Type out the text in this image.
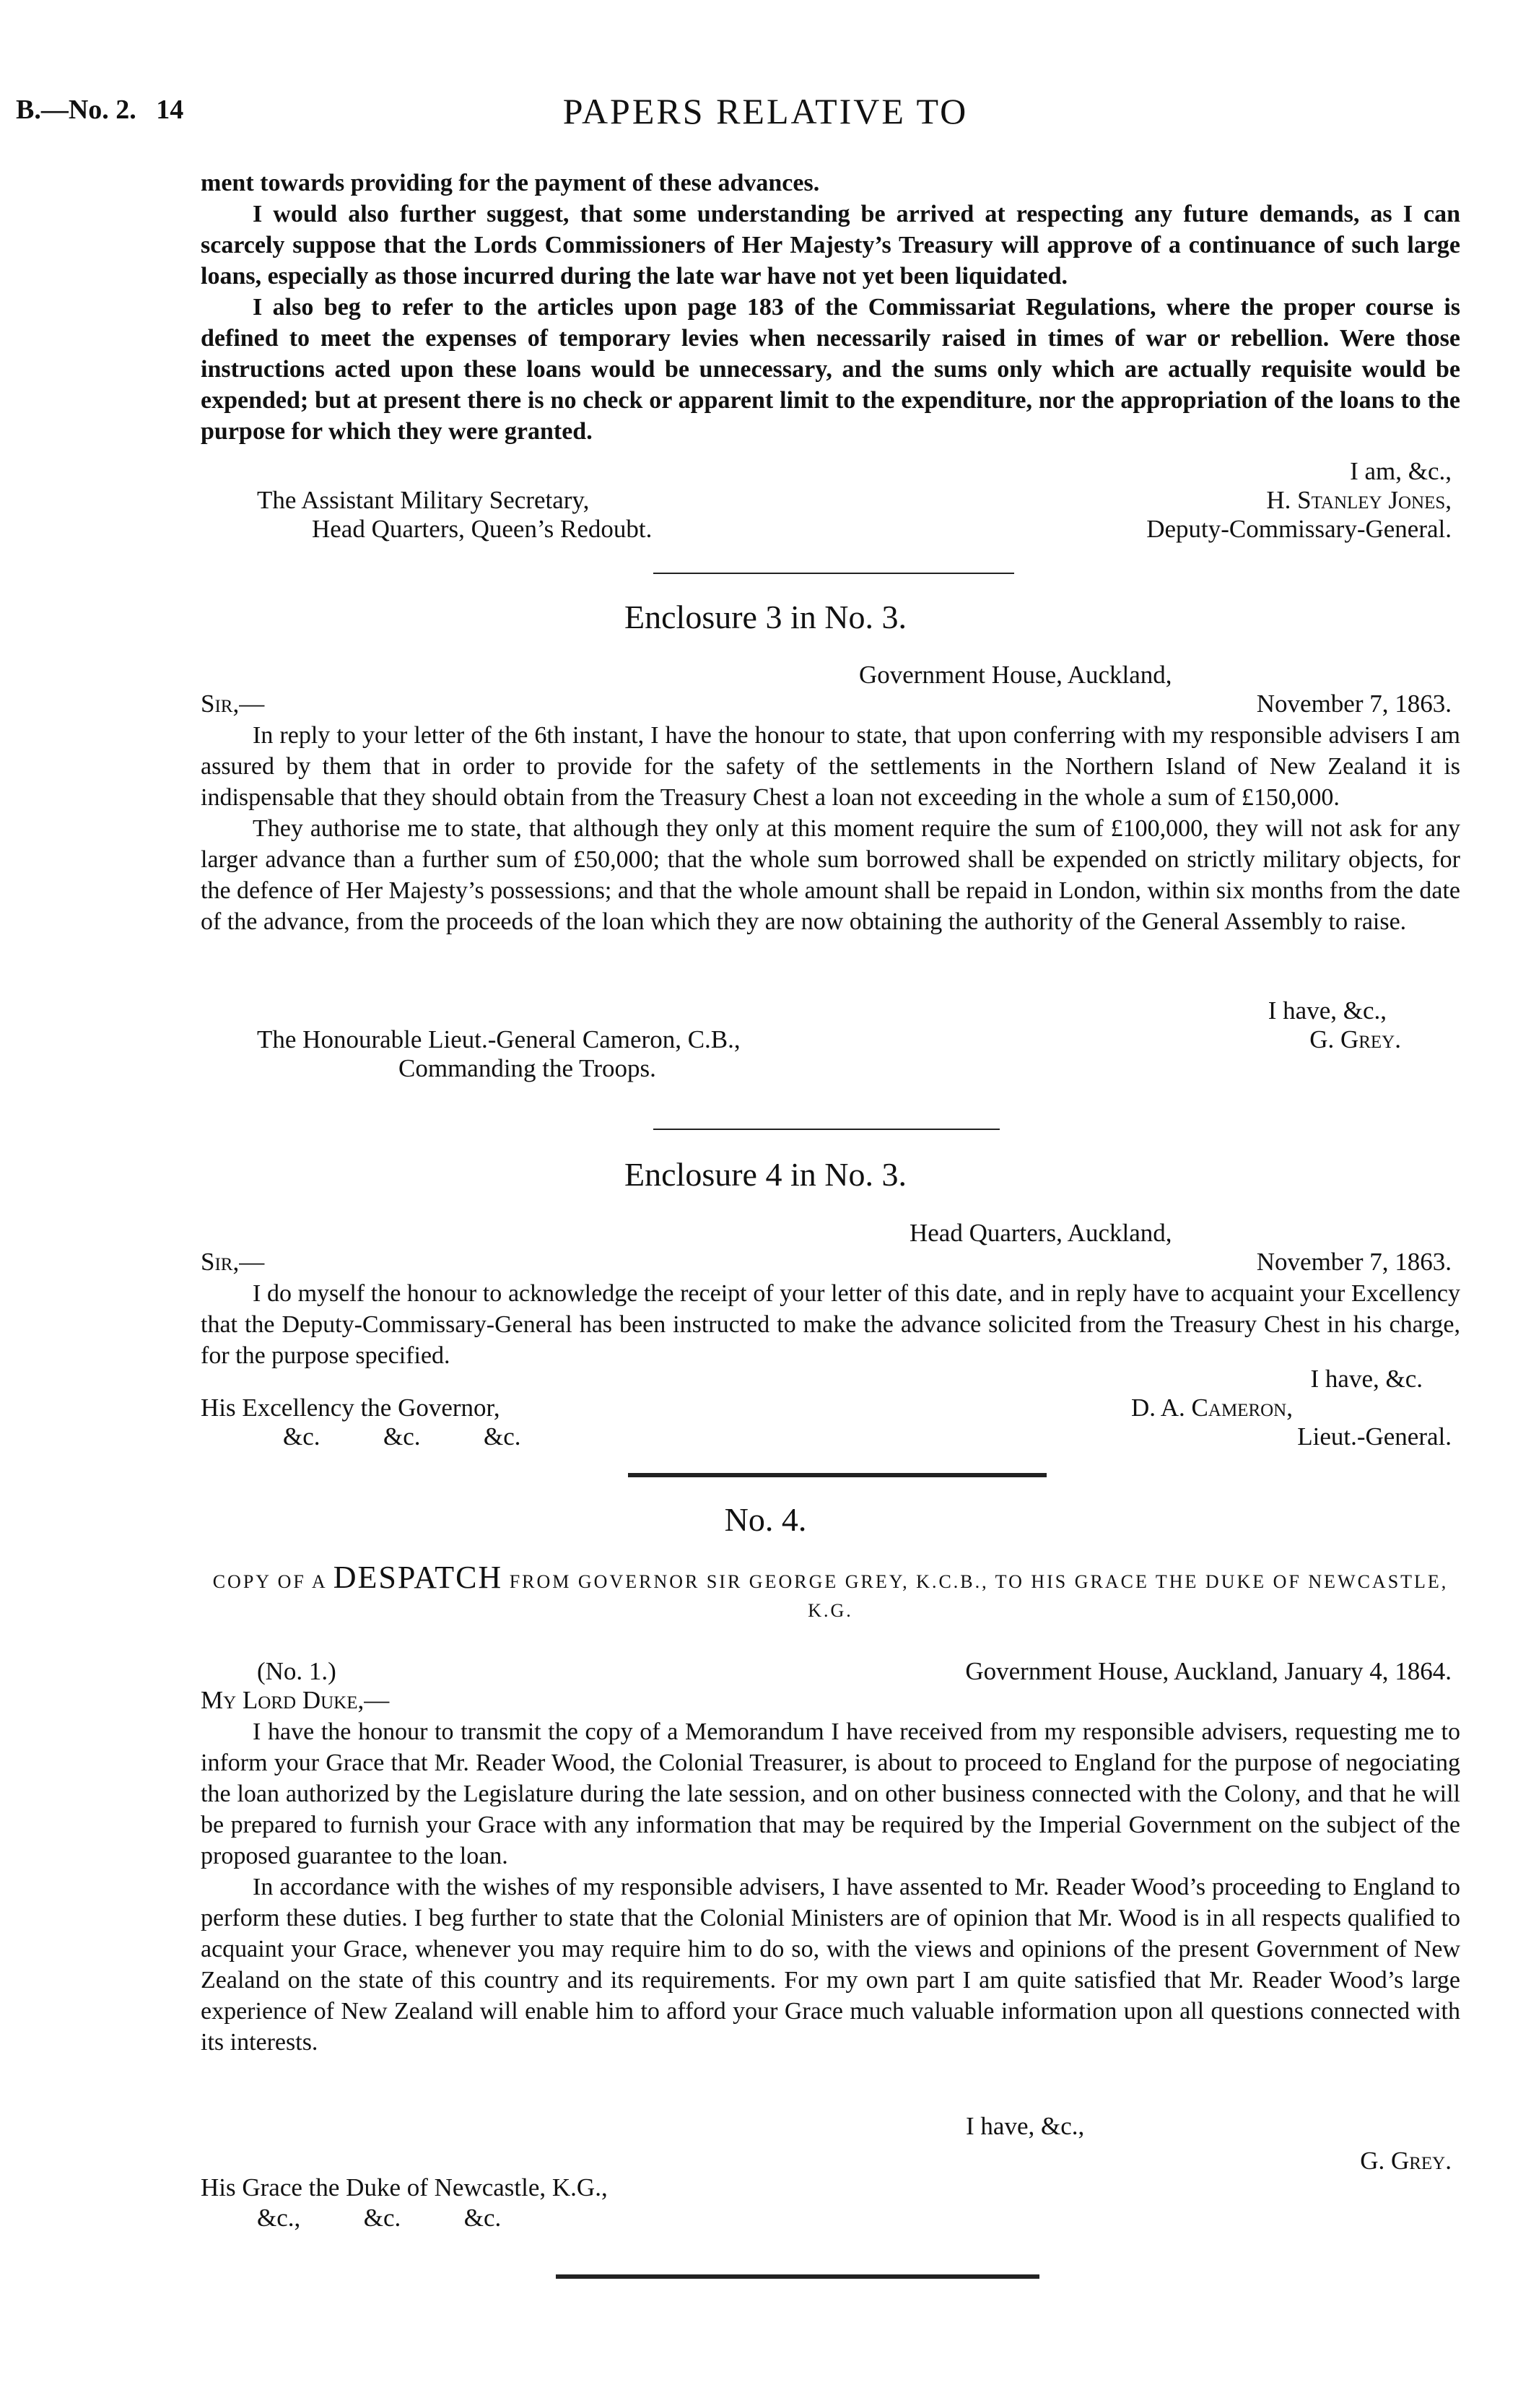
B.—No. 2. 14	PAPERS RELATIVE TO

ment towards providing for the payment of these advances.

I would also further suggest, that some understanding be arrived at respecting any future demands, as I can scarcely suppose that the Lords Commissioners of Her Majesty’s Treasury will approve of a continuance of such large loans, especially as those incurred during the late war have not yet been liquidated.

I also beg to refer to the articles upon page 183 of the Commissariat Regulations, where the proper course is defined to meet the expenses of temporary levies when necessarily raised in times of war or rebellion. Were those instructions acted upon these loans would be unnecessary, and the sums only which are actually requisite would be expended; but at present there is no check or apparent limit to the expenditure, nor the appropriation of the loans to the purpose for which they were granted.

I am, &c.,
The Assistant Military Secretary,	H. Stanley Jones,
Head Quarters, Queen’s Redoubt.	Deputy-Commissary-General.
Enclosure 3 in No. 3.
Government House, Auckland,
Sir,—	November 7, 1863.

In reply to your letter of the 6th instant, I have the honour to state, that upon conferring with my responsible advisers I am assured by them that in order to provide for the safety of the settlements in the Northern Island of New Zealand it is indispensable that they should obtain from the Treasury Chest a loan not exceeding in the whole a sum of £150,000.

They authorise me to state, that although they only at this moment require the sum of £100,000, they will not ask for any larger advance than a further sum of £50,000; that the whole sum borrowed shall be expended on strictly military objects, for the defence of Her Majesty’s possessions; and that the whole amount shall be repaid in London, within six months from the date of the advance, from the proceeds of the loan which they are now obtaining the authority of the General Assembly to raise.

I have, &c.,
The Honourable Lieut.-General Cameron, C.B.,	G. Grey.
Commanding the Troops.
Enclosure 4 in No. 3.
Head Quarters, Auckland,
Sir,—	November 7, 1863.

I do myself the honour to acknowledge the receipt of your letter of this date, and in reply have to acquaint your Excellency that the Deputy-Commissary-General has been instructed to make the advance solicited from the Treasury Chest in his charge, for the purpose specified.

I have, &c.
His Excellency the Governor,	D. A. Cameron,
&c.          &c.          &c.	Lieut.-General.
No. 4.
COPY OF A DESPATCH FROM GOVERNOR SIR GEORGE GREY, K.C.B., TO HIS GRACE THE DUKE OF NEWCASTLE, K.G.
(No. 1.)	Government House, Auckland, January 4, 1864.
My Lord Duke,—

I have the honour to transmit the copy of a Memorandum I have received from my responsible advisers, requesting me to inform your Grace that Mr. Reader Wood, the Colonial Treasurer, is about to proceed to England for the purpose of negociating the loan authorized by the Legislature during the late session, and on other business connected with the Colony, and that he will be prepared to furnish your Grace with any information that may be required by the Imperial Government on the subject of the proposed guarantee to the loan.

In accordance with the wishes of my responsible advisers, I have assented to Mr. Reader Wood’s proceeding to England to perform these duties. I beg further to state that the Colonial Ministers are of opinion that Mr. Wood is in all respects qualified to acquaint your Grace, whenever you may require him to do so, with the views and opinions of the present Government of New Zealand on the state of this country and its requirements. For my own part I am quite satisfied that Mr. Reader Wood’s large experience of New Zealand will enable him to afford your Grace much valuable information upon all questions connected with its interests.

I have, &c.,
G. Grey.
His Grace the Duke of Newcastle, K.G.,
&c.,          &c.          &c.
